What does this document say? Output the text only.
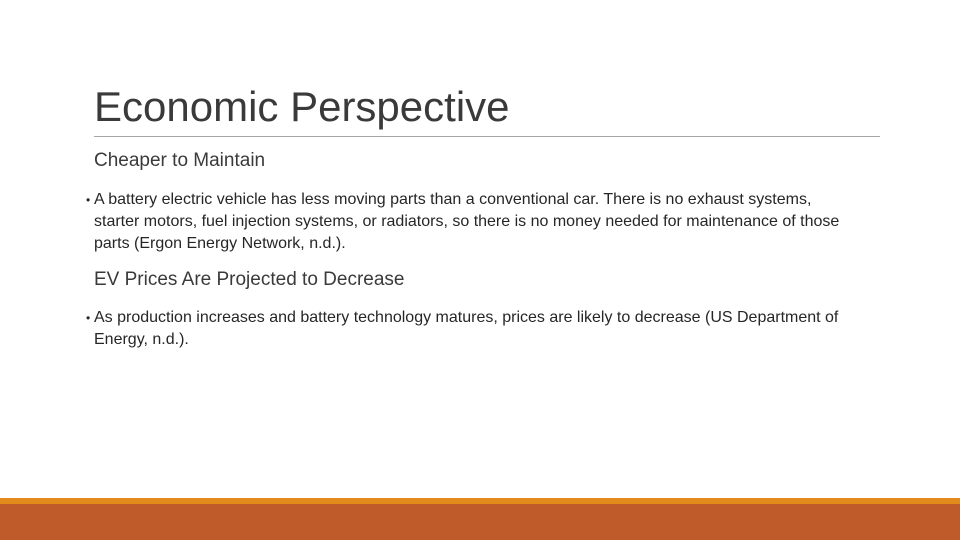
Economic Perspective
Cheaper to Maintain
• A battery electric vehicle has less moving parts than a conventional car. There is no exhaust systems, starter motors, fuel injection systems, or radiators, so there is no money needed for maintenance of those parts (Ergon Energy Network, n.d.).
EV Prices Are Projected to Decrease
• As production increases and battery technology matures, prices are likely to decrease (US Department of Energy, n.d.).
